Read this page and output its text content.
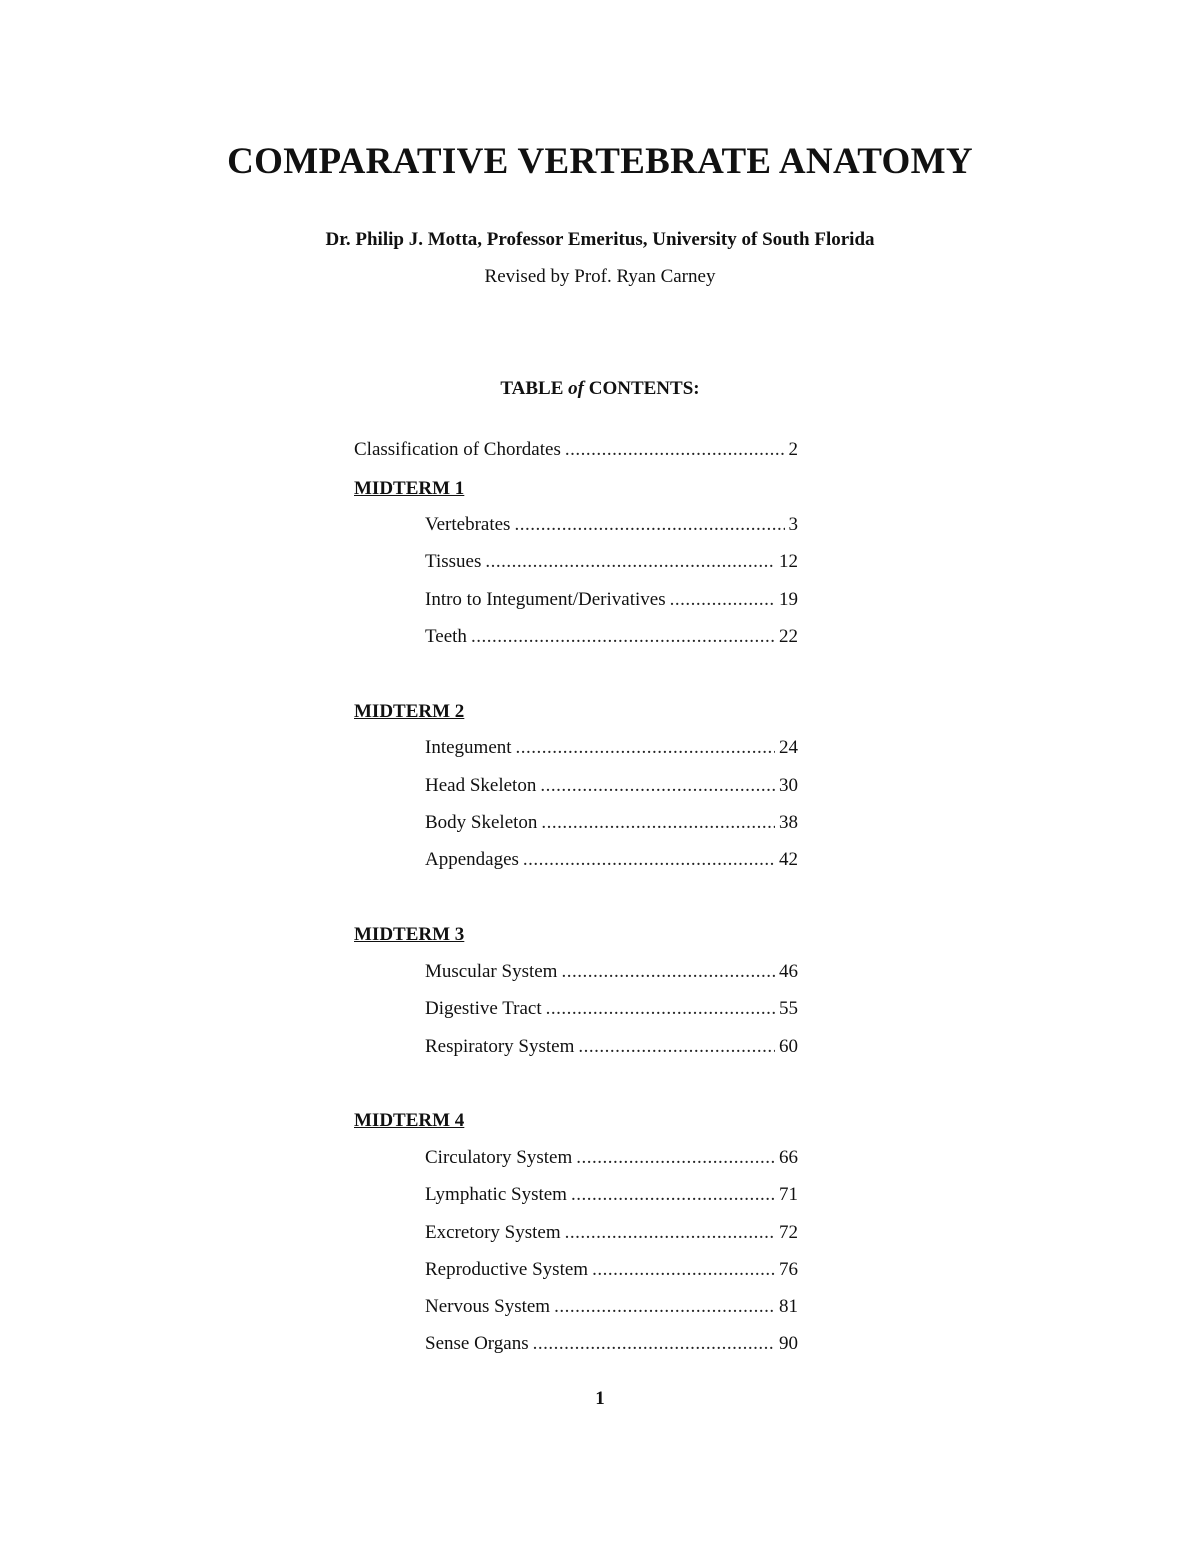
COMPARATIVE VERTEBRATE ANATOMY
Dr. Philip J. Motta, Professor Emeritus, University of South Florida
Revised by Prof. Ryan Carney
TABLE of CONTENTS:
Classification of Chordates .....	2
MIDTERM 1
Vertebrates .....	3
Tissues .....	12
Intro to Integument/Derivatives .....	19
Teeth .....	22
MIDTERM 2
Integument .....	24
Head Skeleton .....	30
Body Skeleton .....	38
Appendages .....	42
MIDTERM 3
Muscular System .....	46
Digestive Tract .....	55
Respiratory System .....	60
MIDTERM 4
Circulatory System .....	66
Lymphatic System .....	71
Excretory System .....	72
Reproductive System .....	76
Nervous System .....	81
Sense Organs .....	90
1
